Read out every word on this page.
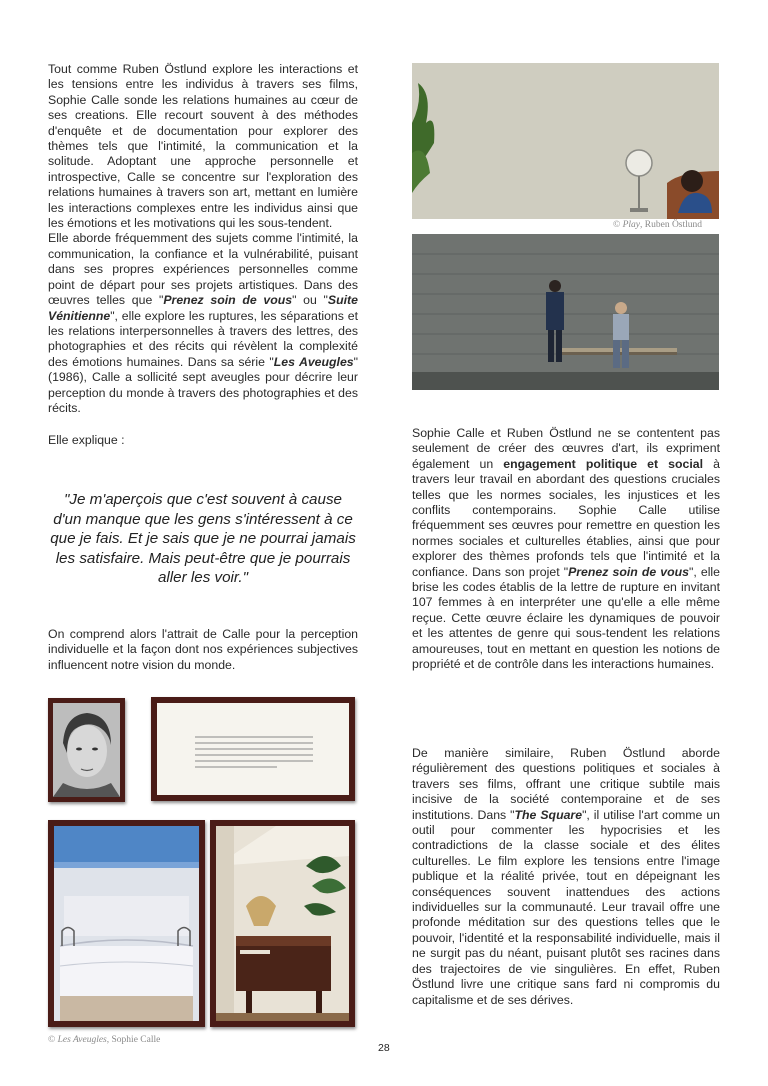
Tout comme Ruben Östlund explore les interactions et les tensions entre les individus à travers ses films, Sophie Calle sonde les relations humaines au cœur de ses creations. Elle recourt souvent à des méthodes d'enquête et de documentation pour explorer des thèmes tels que l'intimité, la communication et la solitude. Adoptant une approche personnelle et introspective, Calle se concentre sur l'exploration des relations humaines à travers son art, mettant en lumière les interactions complexes entre les individus ainsi que les émotions et les motivations qui les sous-tendent.

Elle aborde fréquemment des sujets comme l'intimité, la communication, la confiance et la vulnérabilité, puisant dans ses propres expériences personnelles comme point de départ pour ses projets artistiques. Dans des œuvres telles que "Prenez soin de vous" ou "Suite Vénitienne", elle explore les ruptures, les séparations et les relations interpersonnelles à travers des lettres, des photographies et des récits qui révèlent la complexité des émotions humaines. Dans sa série "Les Aveugles" (1986), Calle a sollicité sept aveugles pour décrire leur perception du monde à travers des photographies et des récits.

Elle explique :

"Je m'aperçois que c'est souvent à cause d'un manque que les gens s'intéressent à ce que je fais. Et je sais que je ne pourrai jamais les satisfaire. Mais peut-être que je pourrais aller les voir."

On comprend alors l'attrait de Calle pour la perception individuelle et la façon dont nos expériences subjectives influencent notre vision du monde.

© Les Aveugles, Sophie Calle
© Play, Ruben Östlund

Sophie Calle et Ruben Östlund ne se contentent pas seulement de créer des œuvres d'art, ils expriment également un engagement politique et social à travers leur travail en abordant des questions cruciales telles que les normes sociales, les injustices et les conflits contemporains. Sophie Calle utilise fréquemment ses œuvres pour remettre en question les normes sociales et culturelles établies, ainsi que pour explorer des thèmes profonds tels que l'intimité et la confiance. Dans son projet "Prenez soin de vous", elle brise les codes établis de la lettre de rupture en invitant 107 femmes à en interpréter une qu'elle a elle même reçue. Cette œuvre éclaire les dynamiques de pouvoir et les attentes de genre qui sous-tendent les relations amoureuses, tout en mettant en question les notions de propriété et de contrôle dans les interactions humaines.

De manière similaire, Ruben Östlund aborde régulièrement des questions politiques et sociales à travers ses films, offrant une critique subtile mais incisive de la société contemporaine et de ses institutions. Dans "The Square", il utilise l'art comme un outil pour commenter les hypocrisies et les contradictions de la classe sociale et des élites culturelles. Le film explore les tensions entre l'image publique et la réalité privée, tout en dépeignant les conséquences souvent inattendues des actions individuelles sur la communauté. Leur travail offre une profonde méditation sur des questions telles que le pouvoir, l'identité et la responsabilité individuelle, mais il ne surgit pas du néant, puisant plutôt ses racines dans des trajectoires de vie singulières. En effet, Ruben Östlund livre une critique sans fard ni compromis du capitalisme et de ses dérives.

28
